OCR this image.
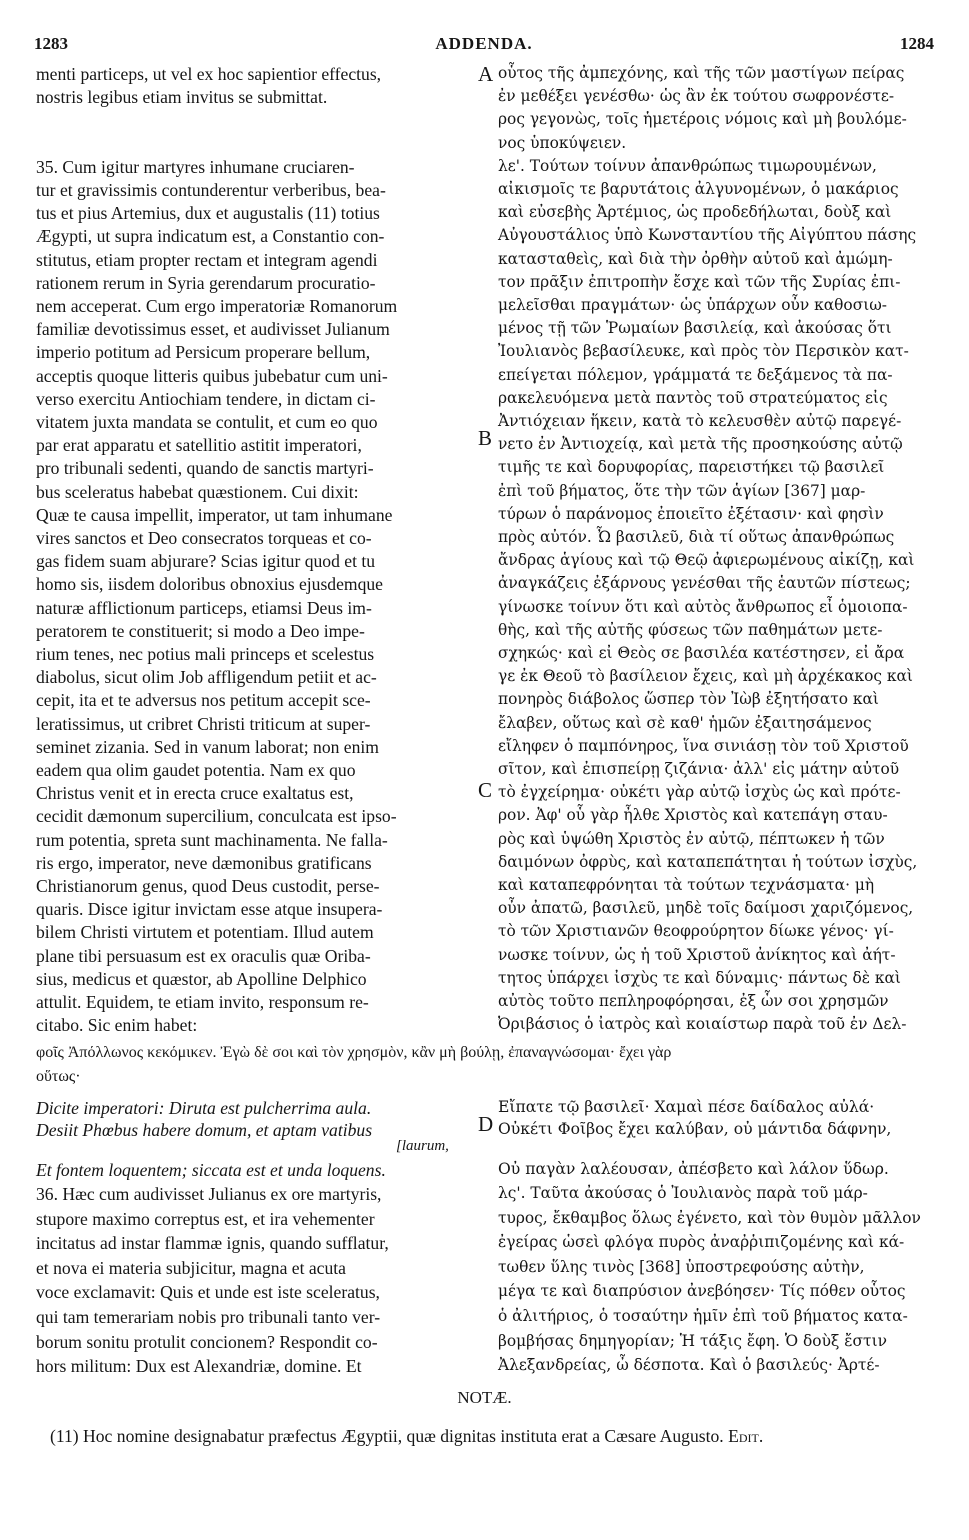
1283	ADDENDA.	1284
menti particeps, ut vel ex hoc sapientior effectus,
nostris legibus etiam invitus se submittat.
35. Cum igitur martyres inhumane cruciaren-
tur et gravissimis contunderentur verberibus, bea-
tus et pius Artemius, dux et augustalis (11) totius
Ægypti, ut supra indicatum est, a Constantio con-
stitutus, etiam propter rectam et integram agendi
rationem rerum in Syria gerendarum procuratio-
nem acceperat. Cum ergo imperatoriæ Romanorum
familiæ devotissimus esset, et audivisset Julianum
imperio potitum ad Persicum properare bellum,
acceptis quoque litteris quibus jubebatur cum uni-
verso exercitu Antiochiam tendere, in dictam ci-
vitatem juxta mandata se contulit, et cum eo quo
par erat apparatu et satellitio astitit imperatori,
pro tribunali sedenti, quando de sanctis martyri-
bus sceleratus habebat quæstionem. Cui dixit:
Quæ te causa impellit, imperator, ut tam inhumane
vires sanctos et Deo consecratos torqueas et co-
gas fidem suam abjurare? Scias igitur quod et tu
homo sis, iisdem doloribus obnoxius ejusdemque
naturæ afflictionum particeps, etiamsi Deus im-
peratorem te constituerit; si modo a Deo impe-
rium tenes, nec potius mali princeps et scelestus
diabolus, sicut olim Job affligendum petiit et ac-
cepit, ita et te adversus nos petitum accepit sce-
leratissimus, ut cribret Christi triticum at super-
seminet zizania. Sed in vanum laborat; non enim
eadem qua olim gaudet potentia. Nam ex quo
Christus venit et in erecta cruce exaltatus est,
cecidit dæmonum supercilium, conculcata est ipso-
rum potentia, spreta sunt machinamenta. Ne falla-
ris ergo, imperator, neve dæmonibus gratificans
Christianorum genus, quod Deus custodit, perse-
quaris. Disce igitur invictam esse atque insupera-
bilem Christi virtutem et potentiam. Illud autem
plane tibi persuasum est ex oraculis quæ Oriba-
sius, medicus et quæstor, ab Apolline Delphico
attulit. Equidem, te etiam invito, responsum re-
citabo. Sic enim habet:
οὗτος τῆς ἀμπεχόνης, καὶ τῆς τῶν μαστίγων πείρας
ἐν μεθέξει γενέσθω· ὡς ἂν ἐκ τούτου σωφρονέστε-
ρος γεγονὼς, τοῖς ἡμετέροις νόμοις καὶ μὴ βουλόμε-
νος ὑποκύψειεν.
λε'. Τούτων τοίνυν ἀπανθρώπως τιμωρουμένων,
αἰκισμοῖς τε βαρυτάτοις ἀλγυνομένων, ὁ μακάριος
καὶ εὐσεβὴς Ἀρτέμιος, ὡς προδεδήλωται, δοὺξ καὶ
Αὐγουστάλιος ὑπὸ Κωνσταντίου τῆς Αἰγύπτου πάσης
κατασταθεὶς, καὶ διὰ τὴν ὀρθὴν αὐτοῦ καὶ ἀμώμη-
τον πρᾶξιν ἐπιτροπὴν ἔσχε καὶ τῶν τῆς Συρίας ἐπι-
μελεῖσθαι πραγμάτων· ὡς ὑπάρχων οὖν καθοσιω-
μένος τῇ τῶν Ῥωμαίων βασιλείᾳ, καὶ ἀκούσας ὅτι
Ἰουλιανὸς βεβασίλευκε, καὶ πρὸς τὸν Περσικὸν κατ-
επείγεται πόλεμον, γράμματά τε δεξάμενος τὰ πα-
ρακελευόμενα μετὰ παντὸς τοῦ στρατεύματος εἰς
Ἀντιόχειαν ἥκειν, κατὰ τὸ κελευσθὲν αὐτῷ παρεγέ-
νετο ἐν Ἀντιοχείᾳ, καὶ μετὰ τῆς προσηκούσης αὐτῷ
τιμῆς τε καὶ δορυφορίας, παρειστήκει τῷ βασιλεῖ
ἐπὶ τοῦ βήματος, ὅτε τὴν τῶν ἁγίων [367] μαρ-
τύρων ὁ παράνομος ἐποιεῖτο ἐξέτασιν· καὶ φησὶν
πρὸς αὐτόν. Ὦ βασιλεῦ, διὰ τί οὕτως ἀπανθρώπως
ἄνδρας ἁγίους καὶ τῷ Θεῷ ἀφιερωμένους αἰκίζῃ, καὶ
ἀναγκάζεις ἐξάρνους γενέσθαι τῆς ἑαυτῶν πίστεως;
γίνωσκε τοίνυν ὅτι καὶ αὐτὸς ἄνθρωπος εἶ ὁμοιοπα-
θὴς, καὶ τῆς αὐτῆς φύσεως τῶν παθημάτων μετε-
σχηκώς· καὶ εἰ Θεὸς σε βασιλέα κατέστησεν, εἰ ἄρα
γε ἐκ Θεοῦ τὸ βασίλειον ἔχεις, καὶ μὴ ἀρχέκακος καὶ
πονηρὸς διάβολος ὥσπερ τὸν Ἰὼβ ἐξητήσατο καὶ
ἔλαβεν, οὕτως καὶ σὲ καθ' ἡμῶν ἐξαιτησάμενος
εἴληφεν ὁ παμπόνηρος, ἵνα σινιάσῃ τὸν τοῦ Χριστοῦ
σῖτον, καὶ ἐπισπείρῃ ζιζάνια· ἀλλ' εἰς μάτην αὐτοῦ
τὸ ἐγχείρημα· οὐκέτι γὰρ αὐτῷ ἰσχὺς ὡς καὶ πρότε-
ρον. Ἀφ' οὗ γὰρ ἦλθε Χριστὸς καὶ κατεπάγη σταυ-
ρὸς καὶ ὑψώθη Χριστὸς ἐν αὐτῷ, πέπτωκεν ἡ τῶν
δαιμόνων ὀφρὺς, καὶ καταπεπάτηται ἡ τούτων ἰσχὺς,
καὶ καταπεφρόνηται τὰ τούτων τεχνάσματα· μὴ
οὖν ἀπατῶ, βασιλεῦ, μηδὲ τοῖς δαίμοσι χαριζόμενος,
τὸ τῶν Χριστιανῶν θεοφρούρητον δίωκε γένος· γί-
νωσκε τοίνυν, ὡς ἡ τοῦ Χριστοῦ ἀνίκητος καὶ ἀήτ-
τητος ὑπάρχει ἰσχὺς τε καὶ δύναμις· πάντως δὲ καὶ
αὐτὸς τοῦτο πεπληροφόρησαι, ἐξ ὧν σοι χρησμῶν
Ὀριβάσιος ὁ ἰατρὸς καὶ κοιαίστωρ παρὰ τοῦ ἐν Δελ-
A
B
C
D
φοῖς Ἀπόλλωνος κεκόμικεν. Ἐγὼ δὲ σοι καὶ τὸν χρησμὸν, κἂν μὴ βούλῃ, ἐπαναγνώσομαι· ἔχει γὰρ
οὕτως·
Dicite imperatori: Diruta est pulcherrima aula.
Desiit Phœbus habere domum, et aptam vatibus
[laurum,
Et fontem loquentem; siccata est et unda loquens.
Εἴπατε τῷ βασιλεῖ· Χαμαὶ πέσε δαίδαλος αὐλά·
Οὐκέτι Φοῖβος ἔχει καλύβαν, οὐ μάντιδα δάφνην,
Οὐ παγὰν λαλέουσαν, ἀπέσβετο καὶ λάλον ὕδωρ.
36. Hæc cum audivisset Julianus ex ore martyris,
stupore maximo correptus est, et ira vehementer
incitatus ad instar flammæ ignis, quando sufflatur,
et nova ei materia subjicitur, magna et acuta
voce exclamavit: Quis et unde est iste sceleratus,
qui tam temerariam nobis pro tribunali tanto ver-
borum sonitu protulit concionem? Respondit co-
hors militum: Dux est Alexandriæ, domine. Et
λς'. Ταῦτα ἀκούσας ὁ Ἰουλιανὸς παρὰ τοῦ μάρ-
τυρος, ἔκθαμβος ὅλως ἐγένετο, καὶ τὸν θυμὸν μᾶλλον
ἐγείρας ὡσεὶ φλόγα πυρὸς ἀναῤῥιπιζομένης καὶ κά-
τωθεν ὕλης τινὸς [368] ὑποστρεφούσης αὐτὴν,
μέγα τε καὶ διαπρύσιον ἀνεβόησεν· Τίς πόθεν οὗτος
ὁ ἀλιτήριος, ὁ τοσαύτην ἡμῖν ἐπὶ τοῦ βήματος κατα-
βομβήσας δημηγορίαν; Ἡ τάξις ἔφη. Ὁ δοὺξ ἔστιν
Ἀλεξανδρείας, ὦ δέσποτα. Καὶ ὁ βασιλεύς· Ἀρτέ-
NOTÆ.
(11) Hoc nomine designabatur præfectus Ægyptii, quæ dignitas instituta erat a Cæsare Augusto. Edit.
